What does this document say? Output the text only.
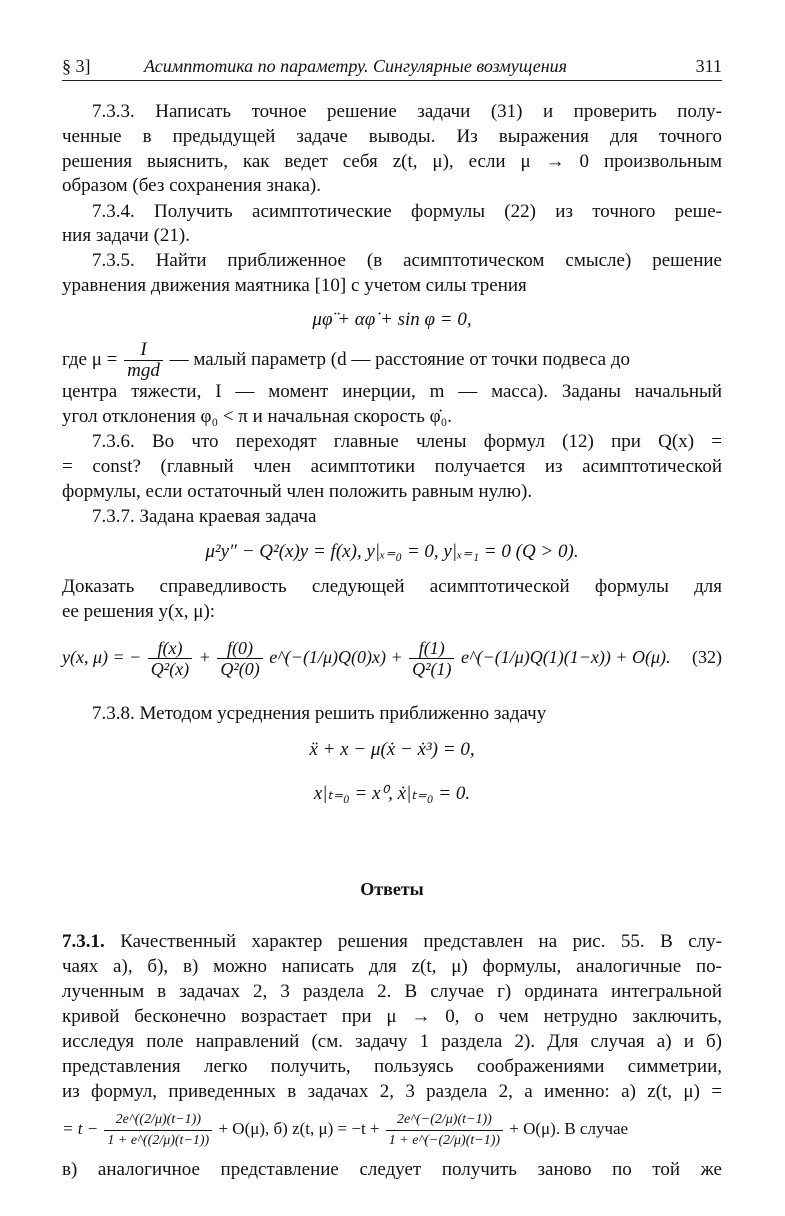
§ 3]	Асимптотика по параметру. Сингулярные возмущения	311
7.3.3. Написать точное решение задачи (31) и проверить полу-
ченные в предыдущей задаче выводы. Из выражения для точного
решения выяснить, как ведет себя z(t, μ), если μ → 0 произвольным
образом (без сохранения знака).
7.3.4. Получить асимптотические формулы (22) из точного реше-
ния задачи (21).
7.3.5. Найти приближенное (в асимптотическом смысле) решение
уравнения движения маятника [10] с учетом силы трения
μφ̈ + αφ̇ + sin φ = 0,
где $\mu = \frac{I}{\text{mgd}}$ — малый параметр (d — расстояние от точки подвеса до
центра тяжести, I — момент инерции, m — масса). Заданы начальный
угол отклонения φ₀ < π и начальная скорость φ̇₀.
7.3.6. Во что переходят главные члены формул (12) при Q(x) =
= const? (главный член асимптотики получается из асимптотической
формулы, если остаточный член положить равным нулю).
7.3.7. Задана краевая задача
μ²y″ − Q²(x)y = f(x), y|ₓ₌₀ = 0, y|ₓ₌₁ = 0 (Q > 0).
Доказать справедливость следующей асимптотической формулы для
ее решения y(x, μ):
y(x, μ) = − $\frac{f(x)}{\text{Q²(x)}} + \frac{f(0)}{\text{Q²(0)}}$ e^(−(1/μ)Q(0)x) + $\frac{f(1)}{\text{Q²(1)}}$ e^(−(1/μ)Q(1)(1−x)) + O(μ). (32)
7.3.8. Методом усреднения решить приближенно задачу
ẍ + x − μ(ẋ − ẋ³) = 0,
x|ₜ₌₀ = x⁰, ẋ|ₜ₌₀ = 0.
Ответы
7.3.1. Качественный характер решения представлен на рис. 55. В слу-
чаях а), б), в) можно написать для z(t, μ) формулы, аналогичные по-
лученным в задачах 2, 3 раздела 2. В случае г) ордината интегральной
кривой бесконечно возрастает при μ → 0, о чем нетрудно заключить,
исследуя поле направлений (см. задачу 1 раздела 2). Для случая а) и б)
представления легко получить, пользуясь соображениями симметрии,
из формул, приведенных в задачах 2, 3 раздела 2, а именно: а) z(t, μ) =
= $t - \frac{2e\^{}((2/\mu)(t-1))}{1 + e\^{}((2/\mu)(t-1))} + O(\mu)$, б) z(t, $\mu) = -t + \frac{2e\^{}(-(2/\mu)(t-1))}{1 + e\^{}(-(2/\mu)(t-1))} + O(\mu)$. В случае
в) аналогичное представление следует получить заново по той же
